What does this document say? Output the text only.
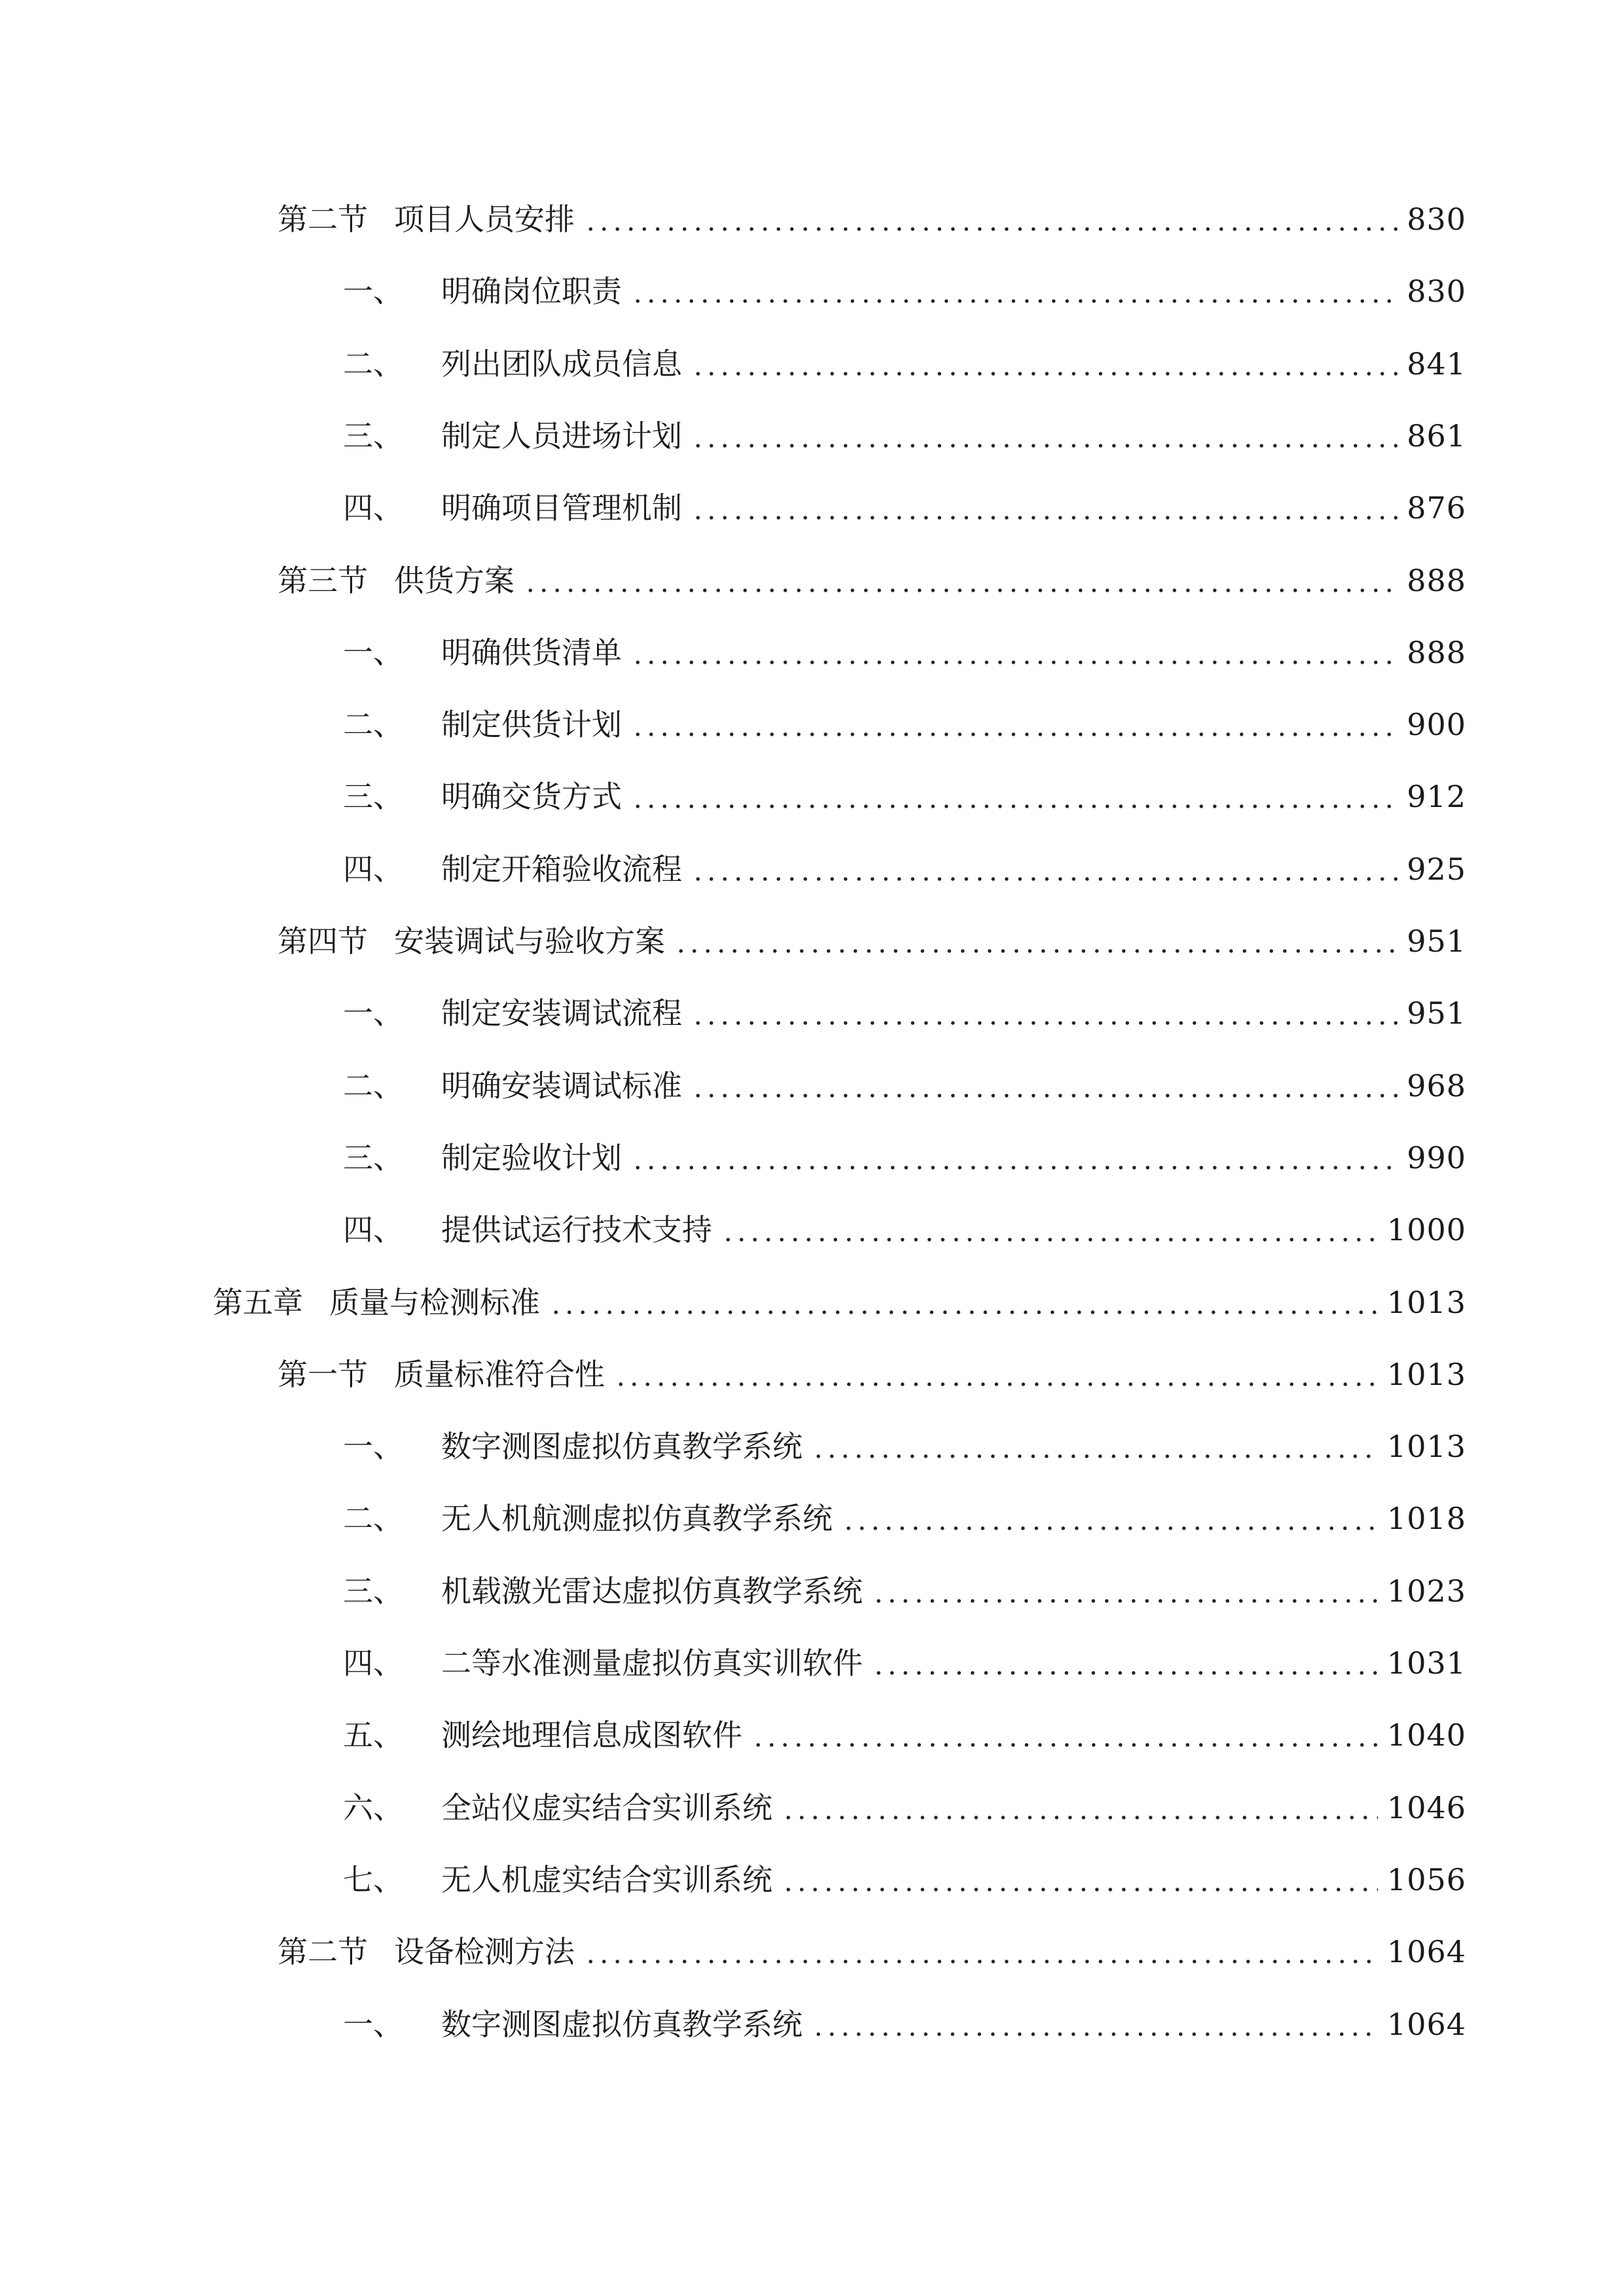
第二节 项目人员安排	830
一、	明确岗位职责	830
二、	列出团队成员信息	841
三、	制定人员进场计划	861
四、	明确项目管理机制	876
第三节 供货方案	888
一、	明确供货清单	888
二、	制定供货计划	900
三、	明确交货方式	912
四、	制定开箱验收流程	925
第四节 安装调试与验收方案	951
一、	制定安装调试流程	951
二、	明确安装调试标准	968
三、	制定验收计划	990
四、	提供试运行技术支持	1000
第五章 质量与检测标准	1013
第一节 质量标准符合性	1013
一、	数字测图虚拟仿真教学系统	1013
二、	无人机航测虚拟仿真教学系统	1018
三、	机载激光雷达虚拟仿真教学系统	1023
四、	二等水准测量虚拟仿真实训软件	1031
五、	测绘地理信息成图软件	1040
六、	全站仪虚实结合实训系统	1046
七、	无人机虚实结合实训系统	1056
第二节 设备检测方法	1064
一、	数字测图虚拟仿真教学系统	1064
